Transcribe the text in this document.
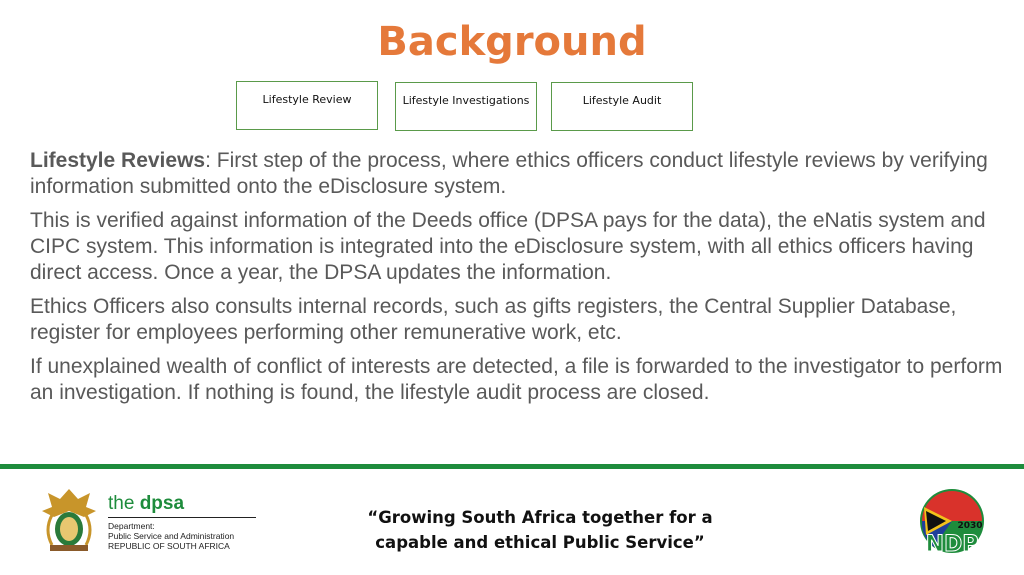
Background
Lifestyle Review	Lifestyle Investigations	Lifestyle Audit

Lifestyle Reviews: First step of the process, where ethics officers conduct lifestyle reviews by verifying information submitted onto the eDisclosure system.

This is verified against information of the Deeds office (DPSA pays for the data), the eNatis system and CIPC system. This information is integrated into the eDisclosure system, with all ethics officers having direct access. Once a year, the DPSA updates the information.

Ethics Officers also consults internal records, such as gifts registers, the Central Supplier Database, register for employees performing other remunerative work, etc.

If unexplained wealth of conflict of interests are detected, a file is forwarded to the investigator to perform an investigation. If nothing is found, the lifestyle audit process are closed.

the dpsa
Department:
Public Service and Administration
REPUBLIC OF SOUTH AFRICA
“Growing South Africa together for a
capable and ethical Public Service”
2030
NDP
